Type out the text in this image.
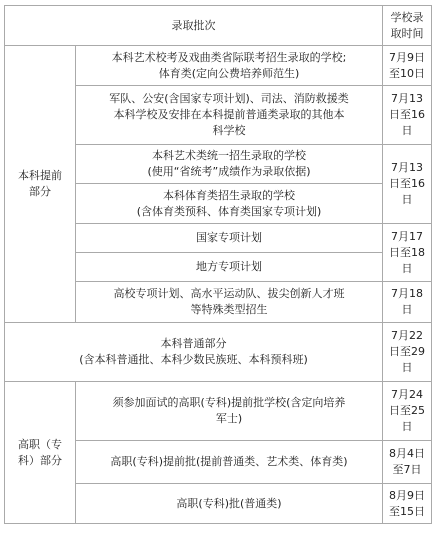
录取批次		学校录
取时间

本科提前
部分	本科艺术校考及戏曲类省际联考招生录取的学校;
体育类(定向公费培养师范生)	7月9日
至10日

	军队、公安(含国家专项计划)、司法、消防救援类
本科学校及安排在本科提前普通类录取的其他本
科学校	7月13
日至16
日

	本科艺术类统一招生录取的学校
(使用“省统考”成绩作为录取依据)	7月13
日至16
日

	本科体育类招生录取的学校
(含体育类预科、体育类国家专项计划)	

	国家专项计划	7月17
日至18
日

	地方专项计划	

	高校专项计划、高水平运动队、拔尖创新人才班
等特殊类型招生	7月18
日

本科普通部分
(含本科普通批、本科少数民族班、本科预科班)		7月22
日至29
日

高职（专
科）部分	须参加面试的高职(专科)提前批学校(含定向培养
军士)	7月24
日至25
日

	高职(专科)提前批(提前普通类、艺术类、体育类)	8月4日
至7日

	高职(专科)批(普通类)	8月9日
至15日
